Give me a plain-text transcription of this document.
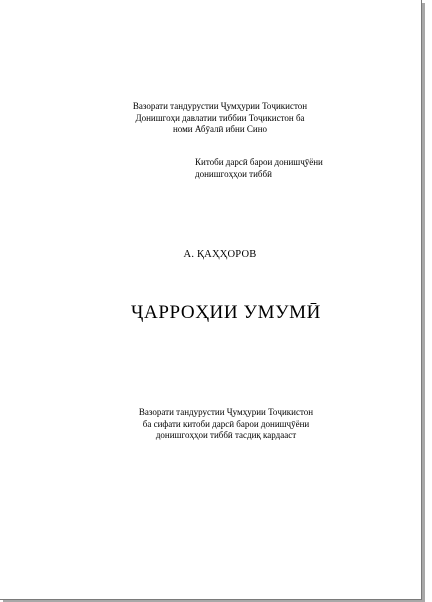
Вазорати тандурустии Ҷумҳурии Тоҷикистон
Донишгоҳи давлатии тиббии Тоҷикистон ба
номи Абӯалӣ ибни Сино
Китоби дарсӣ барои донишҷӯёни
донишгоҳҳои тиббӣ
А. ҚАҲҲОРОВ
ҶАРРОҲИИ УМУМӢ
Вазорати тандурустии Ҷумҳурии Тоҷикистон
ба сифати китоби дарсӣ барои донишҷӯёни
донишгоҳҳои тиббӣ тасдиқ кардааст
